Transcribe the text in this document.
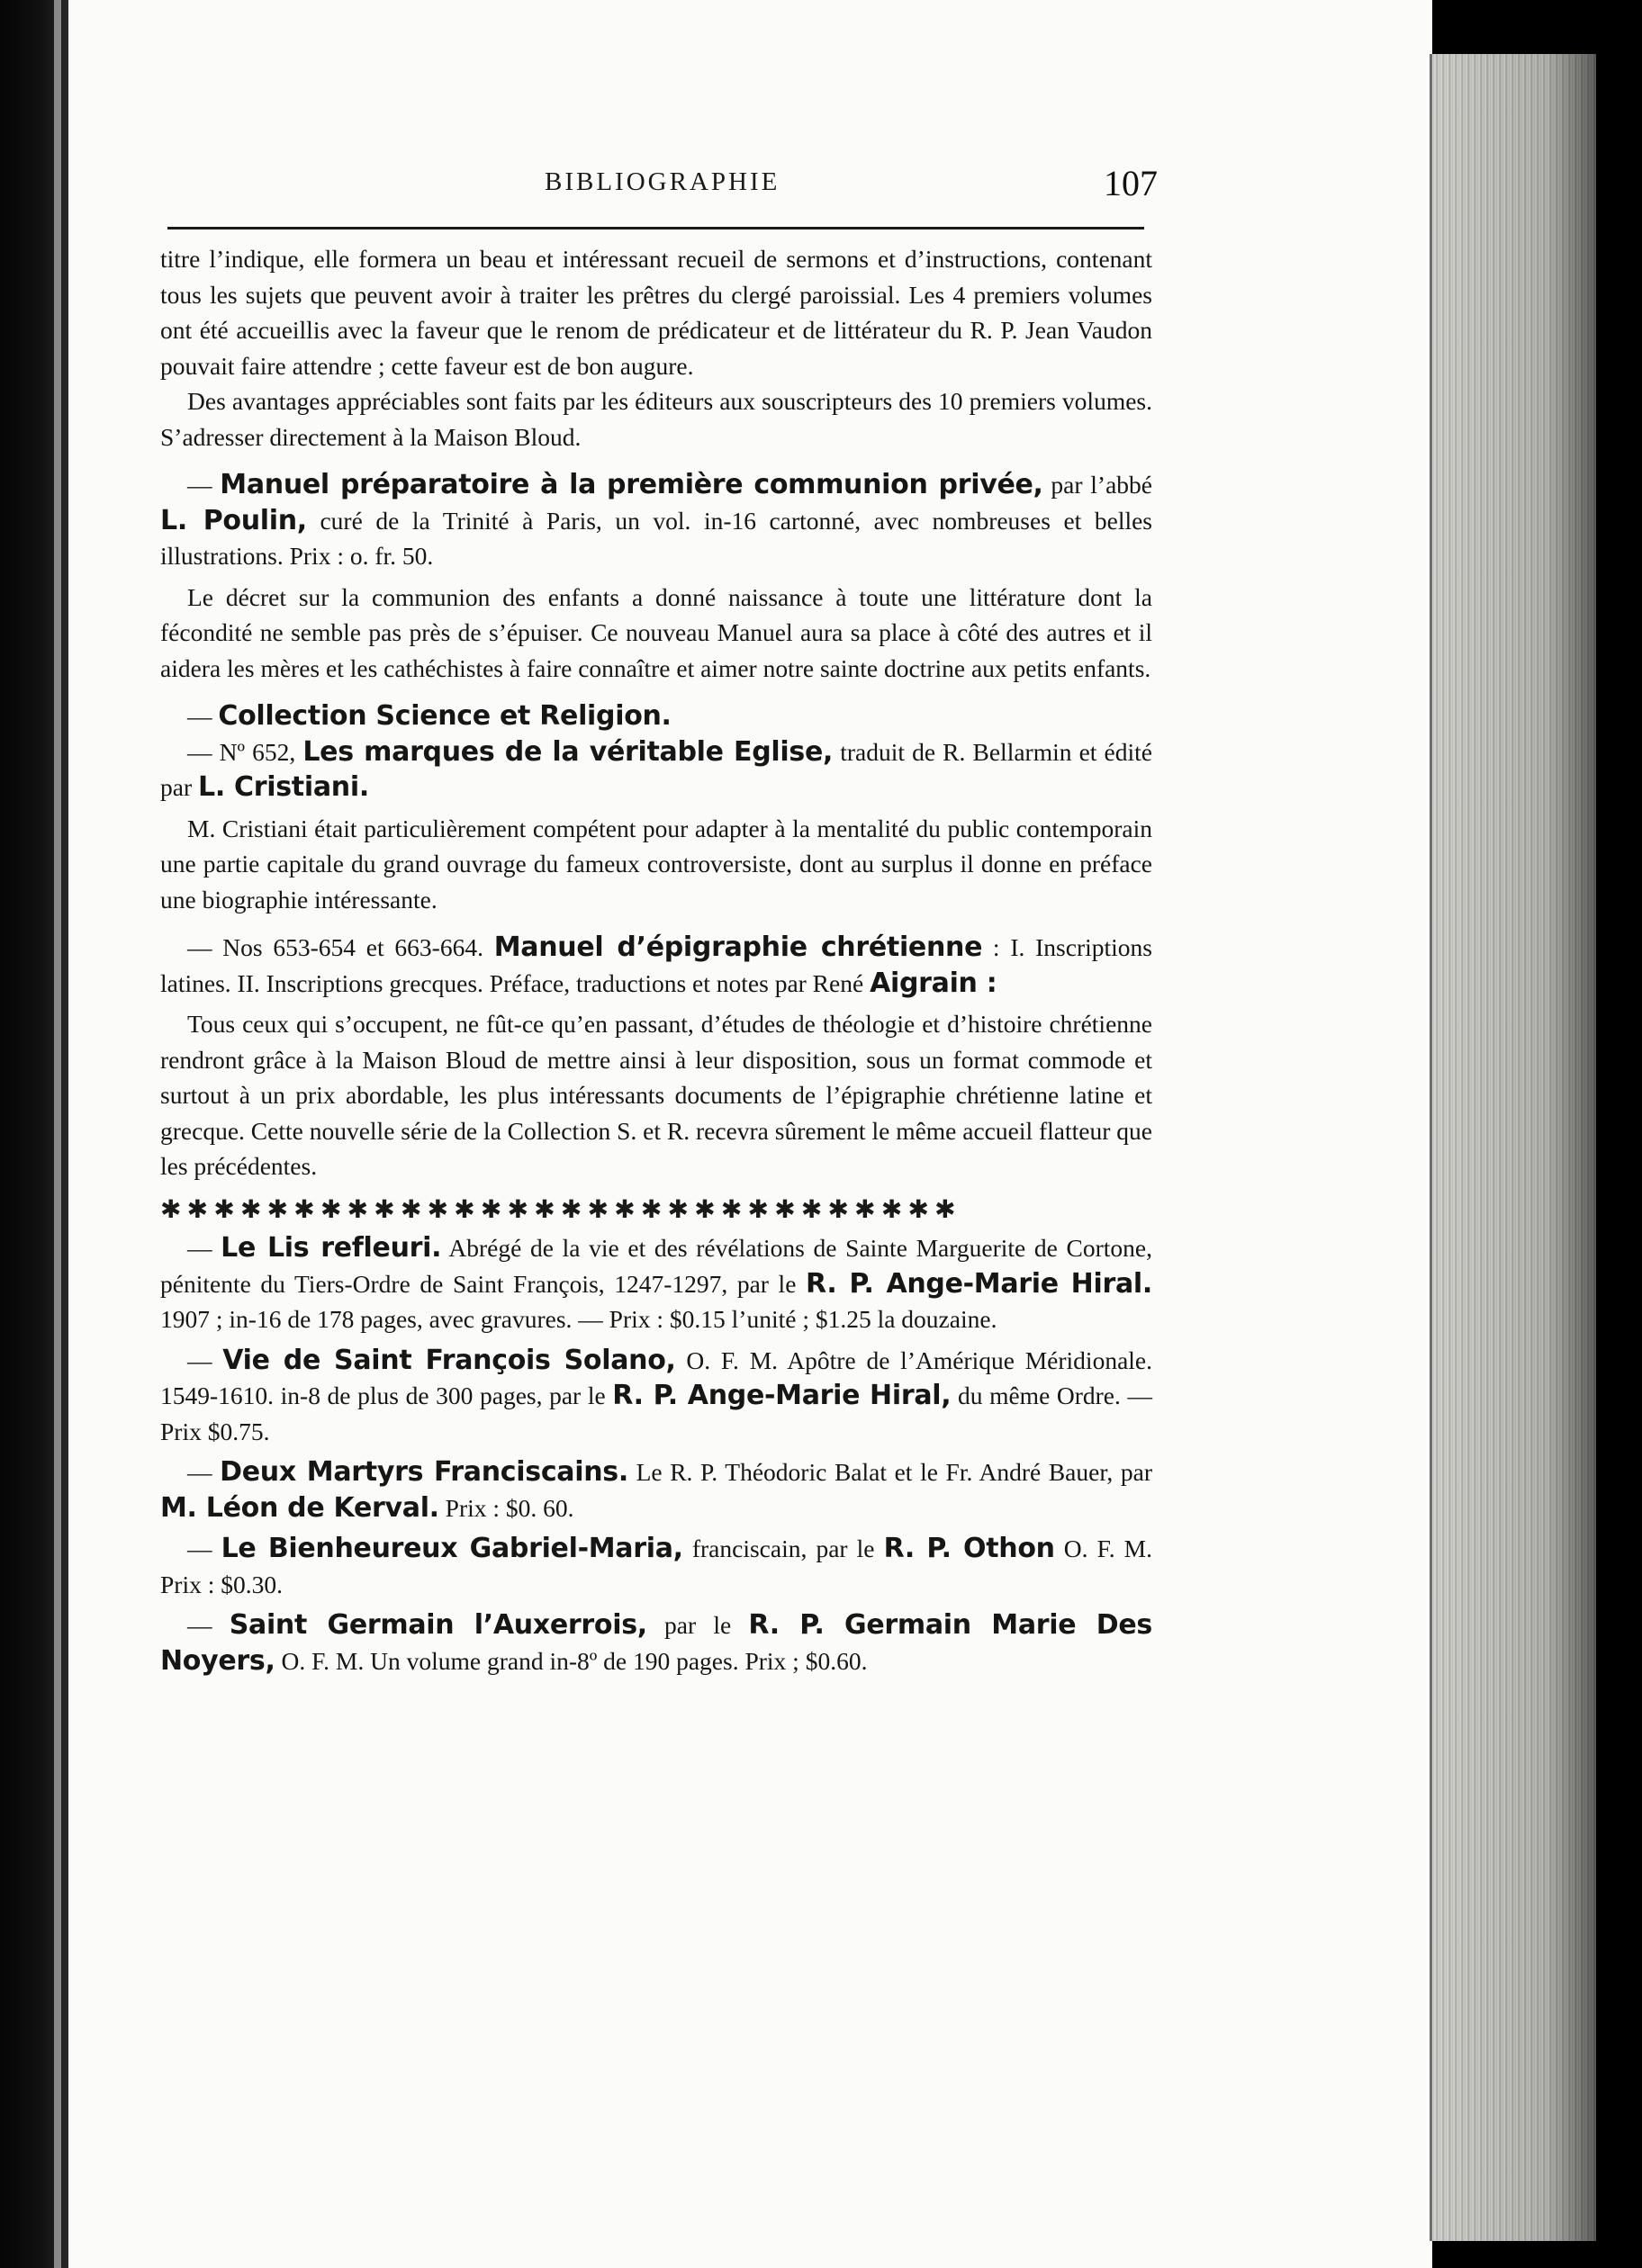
BIBLIOGRAPHIE	107

titre l’indique, elle formera un beau et intéressant recueil de sermons et d’instructions, contenant tous les sujets que peuvent avoir à traiter les prêtres du clergé paroissial. Les 4 premiers volumes ont été accueillis avec la faveur que le renom de prédicateur et de littérateur du R. P. Jean Vaudon pouvait faire attendre ; cette faveur est de bon augure.

Des avantages appréciables sont faits par les éditeurs aux souscripteurs des 10 premiers volumes. S’adresser directement à la Maison Bloud.

— Manuel préparatoire à la première communion privée, par l’abbé L. Poulin, curé de la Trinité à Paris, un vol. in-16 cartonné, avec nombreuses et belles illustrations. Prix : o. fr. 50.

Le décret sur la communion des enfants a donné naissance à toute une littérature dont la fécondité ne semble pas près de s’épuiser. Ce nouveau Manuel aura sa place à côté des autres et il aidera les mères et les cathéchistes à faire connaître et aimer notre sainte doctrine aux petits enfants.

— Collection Science et Religion.

— Nº 652, Les marques de la véritable Eglise, traduit de R. Bellarmin et édité par L. Cristiani.

M. Cristiani était particulièrement compétent pour adapter à la mentalité du public contemporain une partie capitale du grand ouvrage du fameux controversiste, dont au surplus il donne en préface une biographie intéressante.

— Nos 653-654 et 663-664. Manuel d’épigraphie chrétienne : I. Inscriptions latines. II. Inscriptions grecques. Préface, traductions et notes par René Aigrain :

Tous ceux qui s’occupent, ne fût-ce qu’en passant, d’études de théologie et d’histoire chrétienne rendront grâce à la Maison Bloud de mettre ainsi à leur disposition, sous un format commode et surtout à un prix abordable, les plus intéressants documents de l’épigraphie chrétienne latine et grecque. Cette nouvelle série de la Collection S. et R. recevra sûrement le même accueil flatteur que les précédentes.

✱✱✱✱✱✱✱✱✱✱✱✱✱✱✱✱✱✱✱✱✱✱✱✱✱✱✱✱✱✱

— Le Lis refleuri. Abrégé de la vie et des révélations de Sainte Marguerite de Cortone, pénitente du Tiers-Ordre de Saint François, 1247-1297, par le R. P. Ange-Marie Hiral. 1907 ; in-16 de 178 pages, avec gravures. — Prix : $0.15 l’unité ; $1.25 la douzaine.

— Vie de Saint François Solano, O. F. M. Apôtre de l’Amérique Méridionale. 1549-1610. in-8 de plus de 300 pages, par le R. P. Ange-Marie Hiral, du même Ordre. — Prix $0.75.

— Deux Martyrs Franciscains. Le R. P. Théodoric Balat et le Fr. André Bauer, par M. Léon de Kerval. Prix : $0. 60.

— Le Bienheureux Gabriel-Maria, franciscain, par le R. P. Othon O. F. M. Prix : $0.30.

— Saint Germain l’Auxerrois, par le R. P. Germain Marie Des Noyers, O. F. M. Un volume grand in-8º de 190 pages. Prix ; $0.60.
